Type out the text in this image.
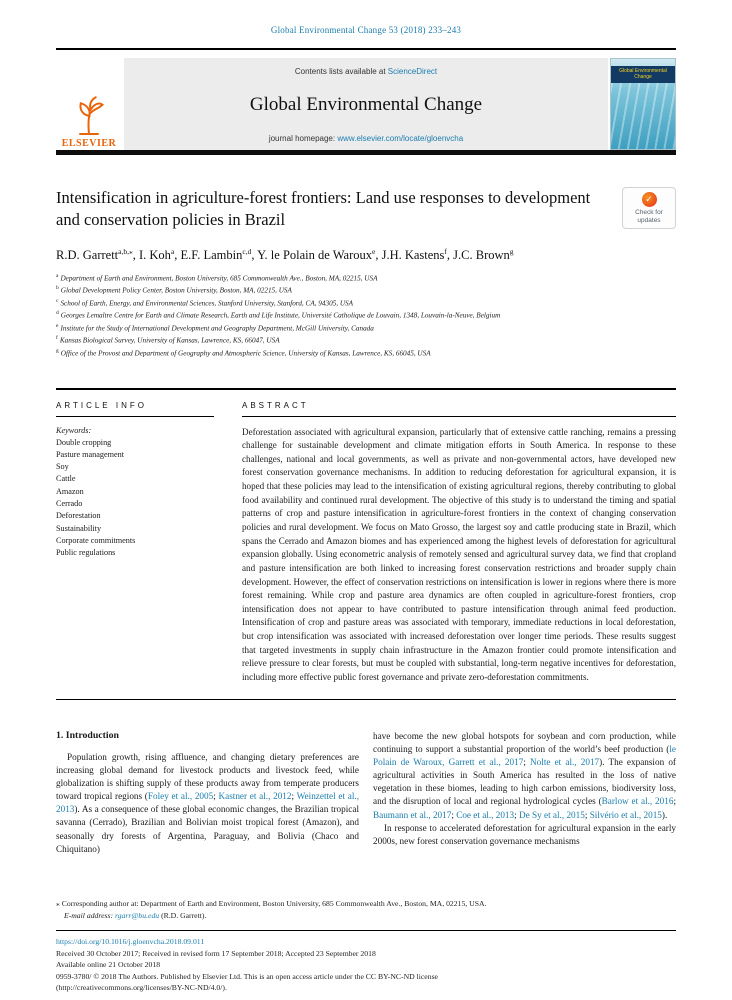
Global Environmental Change 53 (2018) 233–243
ELSEVIER
Contents lists available at ScienceDirect
Global Environmental Change
journal homepage: www.elsevier.com/locate/gloenvcha
Global Environmental Change
Intensification in agriculture-forest frontiers: Land use responses to development and conservation policies in Brazil
✓
Check for updates
R.D. Garrett$^{a,b,⁎}$, I. Koh$^a$, E.F. Lambin$^{c,d}$, Y. le Polain de Waroux$^e$, J.H. Kastens$^f$, J.C. Brown$^g$
$^a$ Department of Earth and Environment, Boston University, 685 Commonwealth Ave., Boston, MA, 02215, USA
$^b$ Global Development Policy Center, Boston University, Boston, MA, 02215, USA
$^c$ School of Earth, Energy, and Environmental Sciences, Stanford University, Stanford, CA, 94305, USA
$^d$ Georges Lemaître Centre for Earth and Climate Research, Earth and Life Institute, Université Catholique de Louvain, 1348, Louvain-la-Neuve, Belgium
$^e$ Institute for the Study of International Development and Geography Department, McGill University, Canada
$^f$ Kansas Biological Survey, University of Kansas, Lawrence, KS, 66047, USA
$^g$ Office of the Provost and Department of Geography and Atmospheric Science, University of Kansas, Lawrence, KS, 66045, USA
ARTICLE INFO
Keywords:
Double cropping
Pasture management
Soy
Cattle
Amazon
Cerrado
Deforestation
Sustainability
Corporate commitments
Public regulations
ABSTRACT

Deforestation associated with agricultural expansion, particularly that of extensive cattle ranching, remains a pressing challenge for sustainable development and climate mitigation efforts in South America. In response to these challenges, national and local governments, as well as private and non-governmental actors, have developed new forest conservation governance mechanisms. In addition to reducing deforestation for agricultural expansion, it is hoped that these policies may lead to the intensification of existing agricultural regions, thereby contributing to global food availability and continued rural development. The objective of this study is to understand the timing and spatial patterns of crop and pasture intensification in agriculture-forest frontiers in the context of changing conservation policies and rural development. We focus on Mato Grosso, the largest soy and cattle producing state in Brazil, which spans the Cerrado and Amazon biomes and has experienced among the highest levels of deforestation for agricultural expansion globally. Using econometric analysis of remotely sensed and agricultural survey data, we find that cropland and pasture intensification are both linked to increasing forest conservation restrictions and broader supply chain development. However, the effect of conservation restrictions on intensification is lower in regions where there is more forest remaining. While crop and pasture area dynamics are often coupled in agriculture-forest frontiers, crop intensification does not appear to have contributed to pasture intensification through animal feed production. Intensification of crop and pasture areas was associated with temporary, immediate reductions in local deforestation, but crop intensification was associated with increased deforestation over longer time periods. These results suggest that targeted investments in supply chain infrastructure in the Amazon frontier could promote intensification and relieve pressure to clear forests, but must be coupled with substantial, long-term negative incentives for deforestation, including more effective public forest governance and private zero-deforestation commitments.

1. Introduction

Population growth, rising affluence, and changing dietary preferences are increasing global demand for livestock products and livestock feed, while globalization is shifting supply of these products away from temperate producers toward tropical regions (Foley et al., 2005; Kastner et al., 2012; Weinzettel et al., 2013). As a consequence of these global economic changes, the Brazilian tropical savanna (Cerrado), Brazilian and Bolivian moist tropical forest (Amazon), and seasonally dry forests of Argentina, Paraguay, and Bolivia (Chaco and Chiquitano)

have become the new global hotspots for soybean and corn production, while continuing to support a substantial proportion of the world’s beef production (le Polain de Waroux, Garrett et al., 2017; Nolte et al., 2017). The expansion of agricultural activities in South America has resulted in the loss of native vegetation in these biomes, leading to high carbon emissions, biodiversity loss, and the disruption of local and regional hydrological cycles (Barlow et al., 2016; Baumann et al., 2017; Coe et al., 2013; De Sy et al., 2015; Silvério et al., 2015).

In response to accelerated deforestation for agricultural expansion in the early 2000s, new forest conservation governance mechanisms

⁎ Corresponding author at: Department of Earth and Environment, Boston University, 685 Commonwealth Ave., Boston, MA, 02215, USA.

E-mail address: rgarr@bu.edu (R.D. Garrett).

https://doi.org/10.1016/j.gloenvcha.2018.09.011

Received 30 October 2017; Received in revised form 17 September 2018; Accepted 23 September 2018

Available online 21 October 2018

0959-3780/ © 2018 The Authors. Published by Elsevier Ltd. This is an open access article under the CC BY-NC-ND license

(http://creativecommons.org/licenses/BY-NC-ND/4.0/).
